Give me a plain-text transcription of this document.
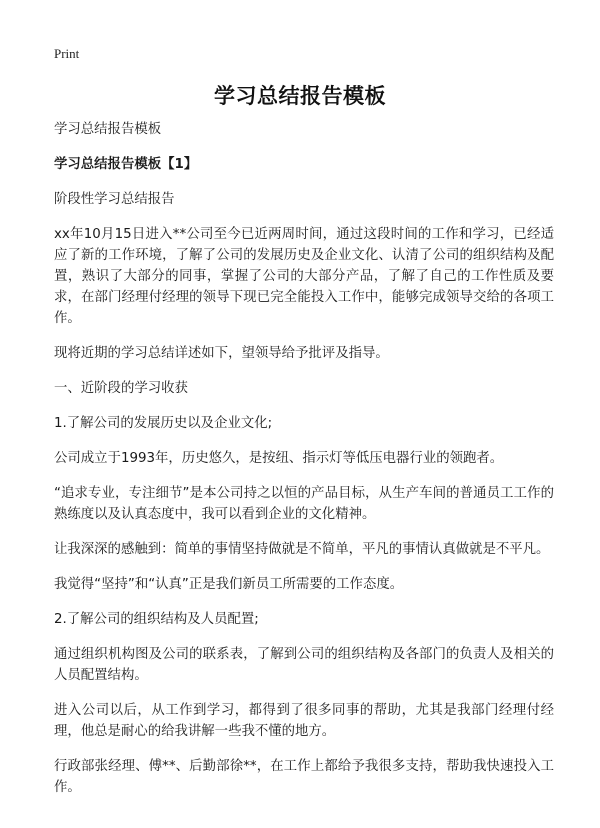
Print
学习总结报告模板

学习总结报告模板

学习总结报告模板【1】

阶段性学习总结报告

xx年10月15日进入**公司至今已近两周时间，通过这段时间的工作和学习，已经适应了新的工作环境，了解了公司的发展历史及企业文化、认清了公司的组织结构及配置，熟识了大部分的同事，掌握了公司的大部分产品，了解了自己的工作性质及要求，在部门经理付经理的领导下现已完全能投入工作中，能够完成领导交给的各项工作。

现将近期的学习总结详述如下，望领导给予批评及指导。

一、近阶段的学习收获

1.了解公司的发展历史以及企业文化;

公司成立于1993年，历史悠久，是按纽、指示灯等低压电器行业的领跑者。

“追求专业，专注细节”是本公司持之以恒的产品目标，从生产车间的普通员工工作的熟练度以及认真态度中，我可以看到企业的文化精神。

让我深深的感触到：简单的事情坚持做就是不简单，平凡的事情认真做就是不平凡。

我觉得“坚持”和“认真”正是我们新员工所需要的工作态度。

2.了解公司的组织结构及人员配置;

通过组织机构图及公司的联系表，了解到公司的组织结构及各部门的负责人及相关的人员配置结构。

进入公司以后，从工作到学习，都得到了很多同事的帮助，尤其是我部门经理付经理，他总是耐心的给我讲解一些我不懂的地方。

行政部张经理、傅**、后勤部徐**，在工作上都给予我很多支持，帮助我快速投入工作。
